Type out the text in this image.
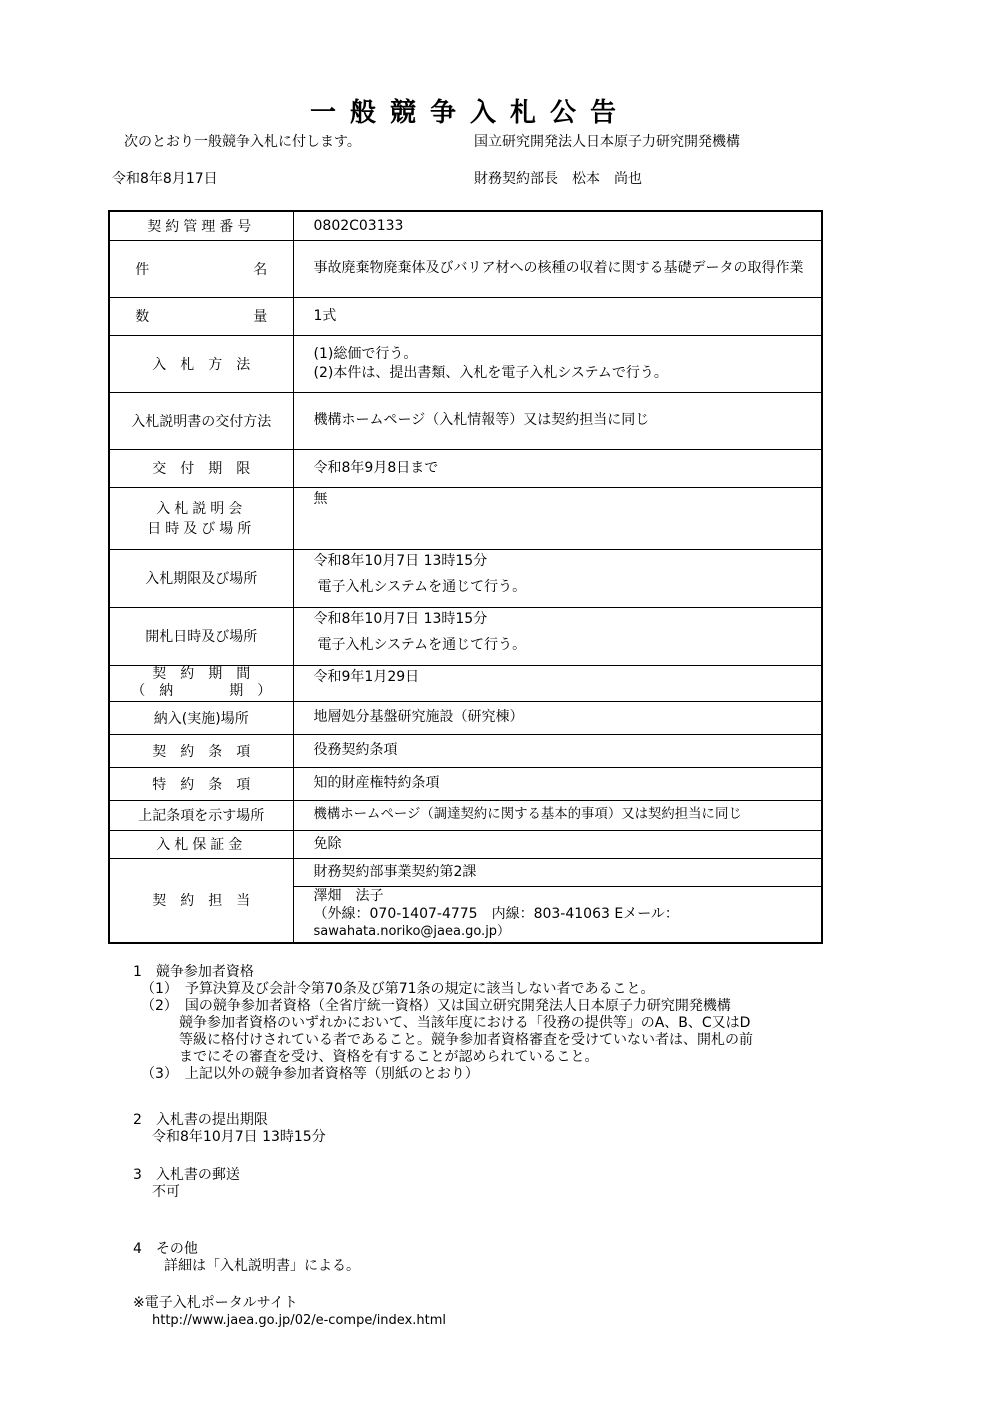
一般競争入札公告
次のとおり一般競争入札に付します。	国立研究開発法人日本原子力研究開発機構
令和8年8月17日	財務契約部長　松本　尚也
契約管理番号	0802C03133
件 名	事故廃棄物廃棄体及びバリア材への核種の収着に関する基礎データの取得作業
数 量	1式
入　札　方　法	(1)総価で行う。
(2)本件は、提出書類、入札を電子入札システムで行う。

入札説明書の交付方法	機構ホームページ（入札情報等）又は契約担当に同じ
交　付　期　限	令和8年9月8日まで

入札説明会
日時及び場所	無
入札期限及び場所	令和8年10月7日 13時15分
電子入札システムを通じて行う。

開札日時及び場所	令和8年10月7日 13時15分
電子入札システムを通じて行う。

契　約　期　間
（　納　　　　期　）	令和9年1月29日
納入(実施)場所	地層処分基盤研究施設（研究棟）
契　約　条　項	役務契約条項
特　約　条　項	知的財産権特約条項
上記条項を示す場所	機構ホームページ（調達契約に関する基本的事項）又は契約担当に同じ
入札保証金	免除
契　約　担　当	財務契約部事業契約第2課

	澤畑　法子
（外線：070-1407-4775　内線：803-41063 Eメール：
sawahata.noriko@jaea.go.jp）
1　競争参加者資格
（1）　予算決算及び会計令第70条及び第71条の規定に該当しない者であること。
（2）　国の競争参加者資格（全省庁統一資格）又は国立研究開発法人日本原子力研究開発機構
競争参加者資格のいずれかにおいて、当該年度における「役務の提供等」のA、B、C又はD
等級に格付けされている者であること。競争参加者資格審査を受けていない者は、開札の前
までにその審査を受け、資格を有することが認められていること。
（3）　上記以外の競争参加者資格等（別紙のとおり）
2　入札書の提出期限
令和8年10月7日 13時15分
3　入札書の郵送
不可
4　その他
詳細は「入札説明書」による。
※電子入札ポータルサイト
http://www.jaea.go.jp/02/e-compe/index.html
